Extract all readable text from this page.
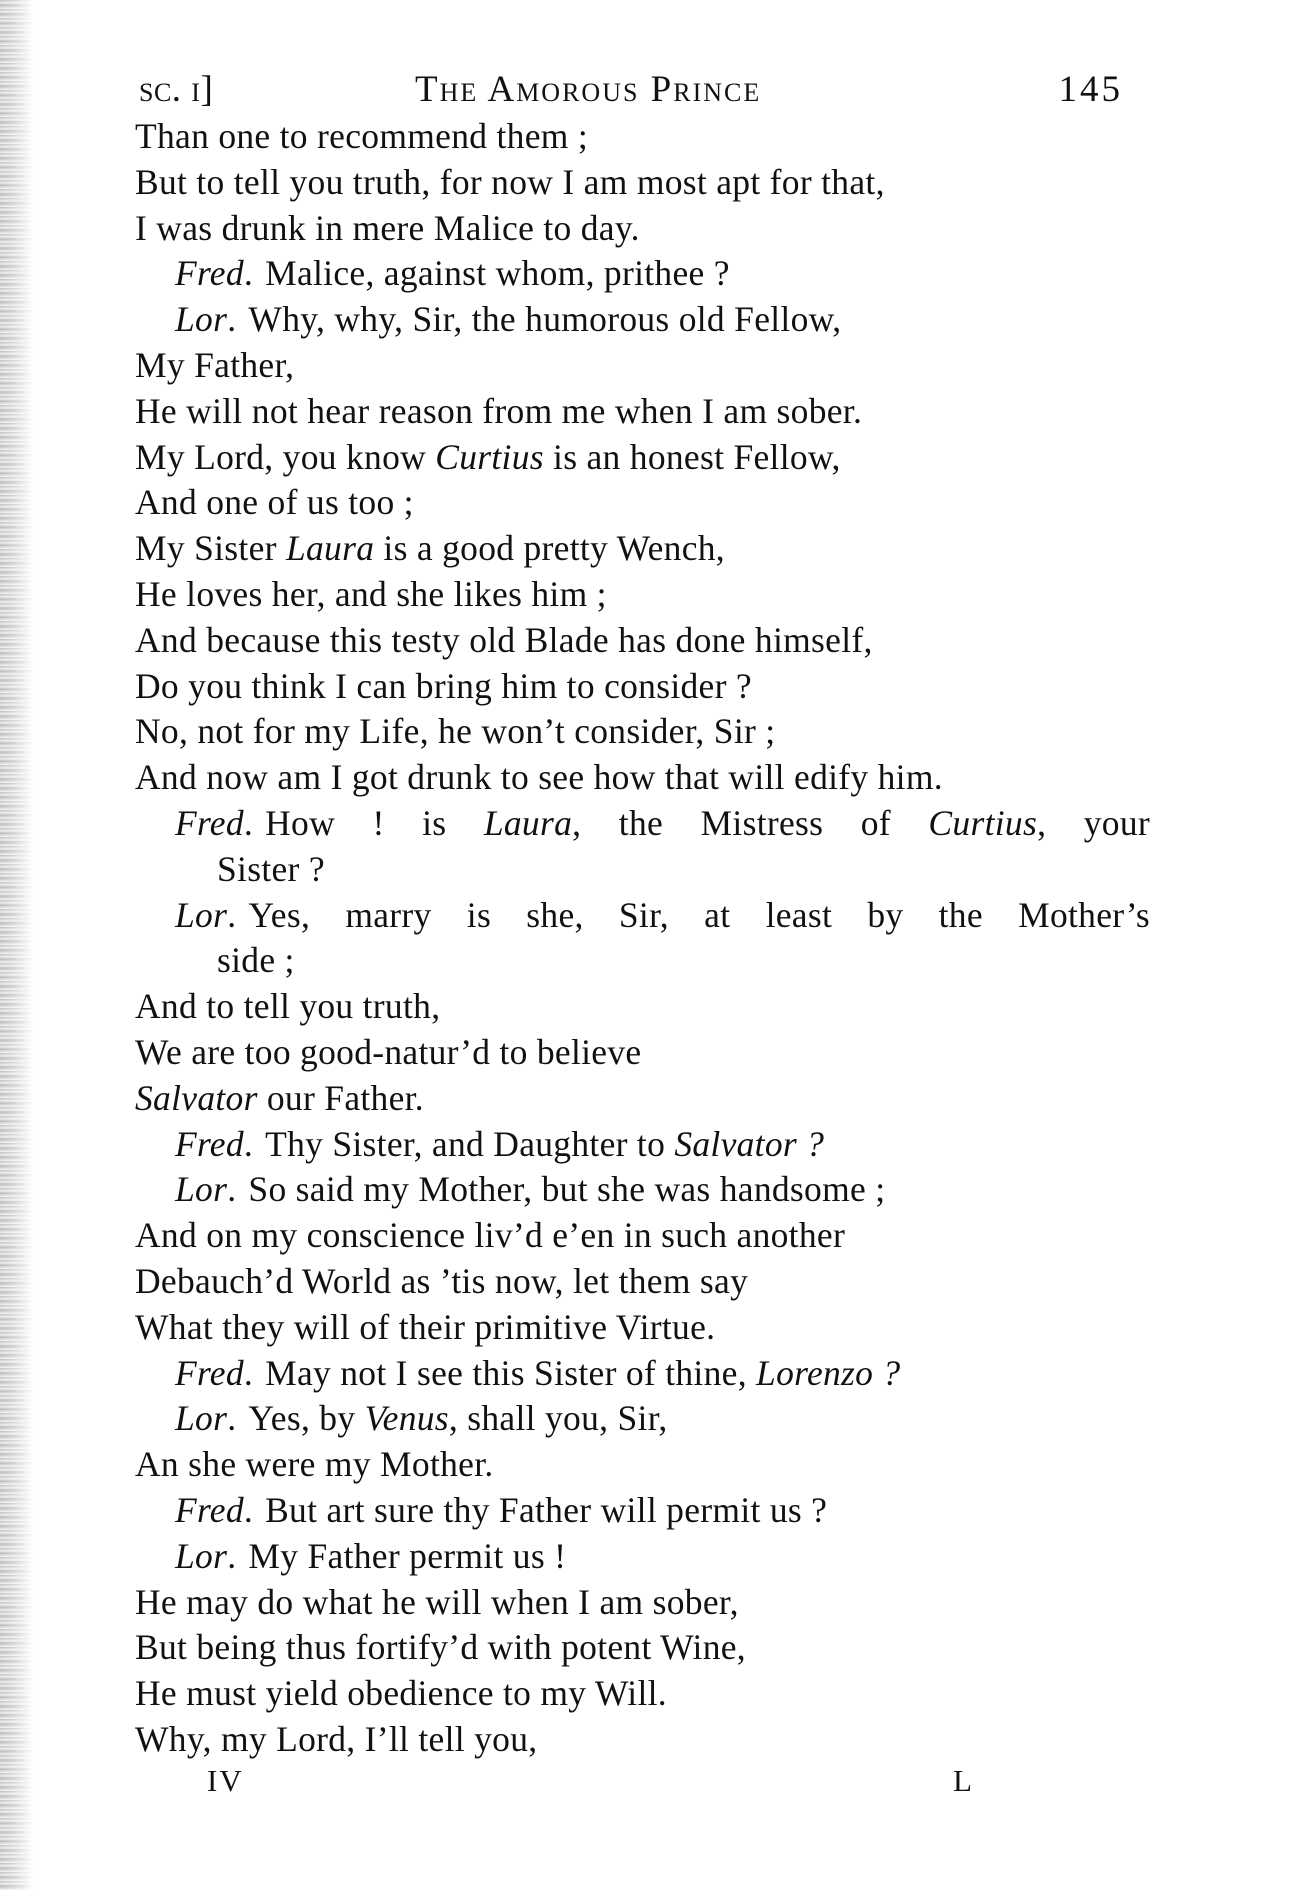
sc. i]	The Amorous Prince	145
Than one to recommend them ;
But to tell you truth, for now I am most apt for that,
I was drunk in mere Malice to day.
Fred . Malice, against whom, prithee ?
Lor . Why, why, Sir, the humorous old Fellow,
My Father,
He will not hear reason from me when I am sober.
My Lord, you know Curtius is an honest Fellow,
And one of us too ;
My Sister Laura is a good pretty Wench,
He loves her, and she likes him ;
And because this testy old Blade has done himself,
Do you think I can bring him to consider ?
No, not for my Life, he won’t consider, Sir ;
And now am I got drunk to see how that will edify him.
Fred . How ! is Laura, the Mistress of Curtius, your
Sister ?
Lor . Yes, marry is she, Sir, at least by the Mother’s
side ;
And to tell you truth,
We are too good-natur’d to believe
Salvator our Father.
Fred . Thy Sister, and Daughter to Salvator ?
Lor . So said my Mother, but she was handsome ;
And on my conscience liv’d e’en in such another
Debauch’d World as ’tis now, let them say
What they will of their primitive Virtue.
Fred . May not I see this Sister of thine, Lorenzo ?
Lor . Yes, by Venus, shall you, Sir,
An she were my Mother.
Fred . But art sure thy Father will permit us ?
Lor . My Father permit us !
He may do what he will when I am sober,
But being thus fortify’d with potent Wine,
He must yield obedience to my Will.
Why, my Lord, I’ll tell you,
IV	L
